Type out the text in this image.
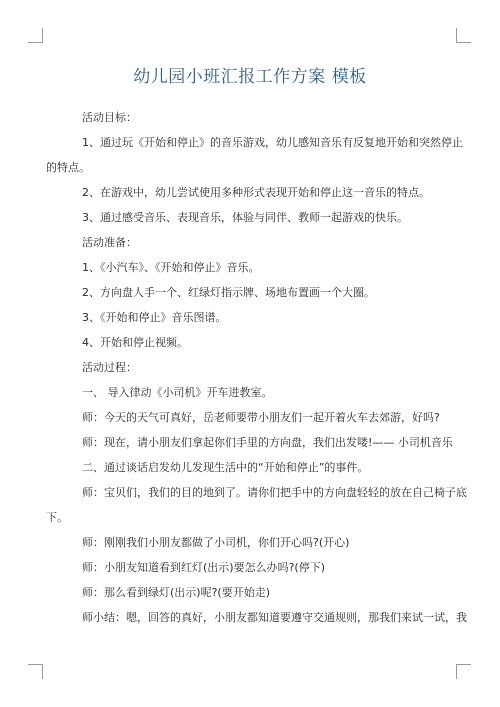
幼儿园小班汇报工作方案 模板

活动目标：

1、通过玩《开始和停止》的音乐游戏，幼儿感知音乐有反复地开始和突然停止

的特点。

2、在游戏中，幼儿尝试使用多种形式表现开始和停止这一音乐的特点。

3、通过感受音乐、表现音乐，体验与同伴、教师一起游戏的快乐。

活动准备：

1、《小汽车》、《开始和停止》音乐。

2、方向盘人手一个、红绿灯指示牌、场地布置画一个大圈。

3、《开始和停止》音乐图谱。

4、开始和停止视频。

活动过程：

一、 导入律动《小司机》开车进教室。

师：今天的天气可真好，岳老师要带小朋友们一起开着火车去郊游，好吗?

师：现在，请小朋友们拿起你们手里的方向盘，我们出发喽!—— 小司机音乐

二、通过谈话启发幼儿发现生活中的“开始和停止”的事件。

师：宝贝们，我们的目的地到了。请你们把手中的方向盘轻轻的放在自己椅子底

下。

师：刚刚我们小朋友都做了小司机，你们开心吗?(开心)

师：小朋友知道看到红灯(出示)要怎么办吗?(停下)

师：那么看到绿灯(出示)呢?(要开始走)

师小结：嗯，回答的真好，小朋友都知道要遵守交通规则，那我们来试一试，我
